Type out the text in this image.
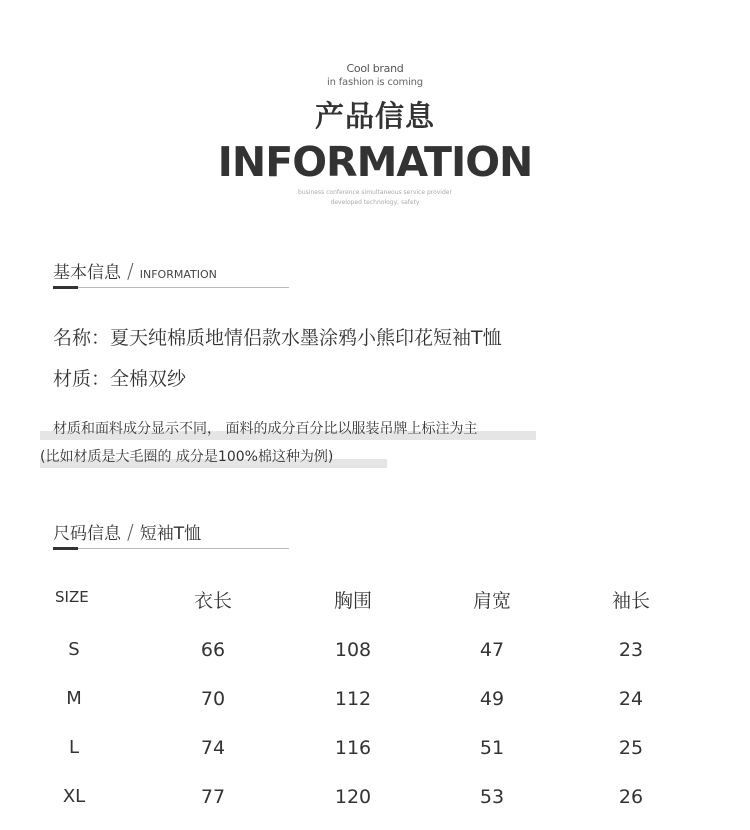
Cool brand
in fashion is coming
产品信息
INFORMATION
business conference simultaneous service provider
developed technology, safety
基本信息 / INFORMATION
名称：夏天纯棉质地情侣款水墨涂鸦小熊印花短袖T恤
材质：全棉双纱
材质和面料成分显示不同， 面料的成分百分比以服装吊牌上标注为主
(比如材质是大毛圈的 成分是100%棉这种为例)
尺码信息 / 短袖T恤
SIZE	衣长	胸围	肩宽	袖长
S	66	108	47	23
M	70	112	49	24
L	74	116	51	25
XL	77	120	53	26
